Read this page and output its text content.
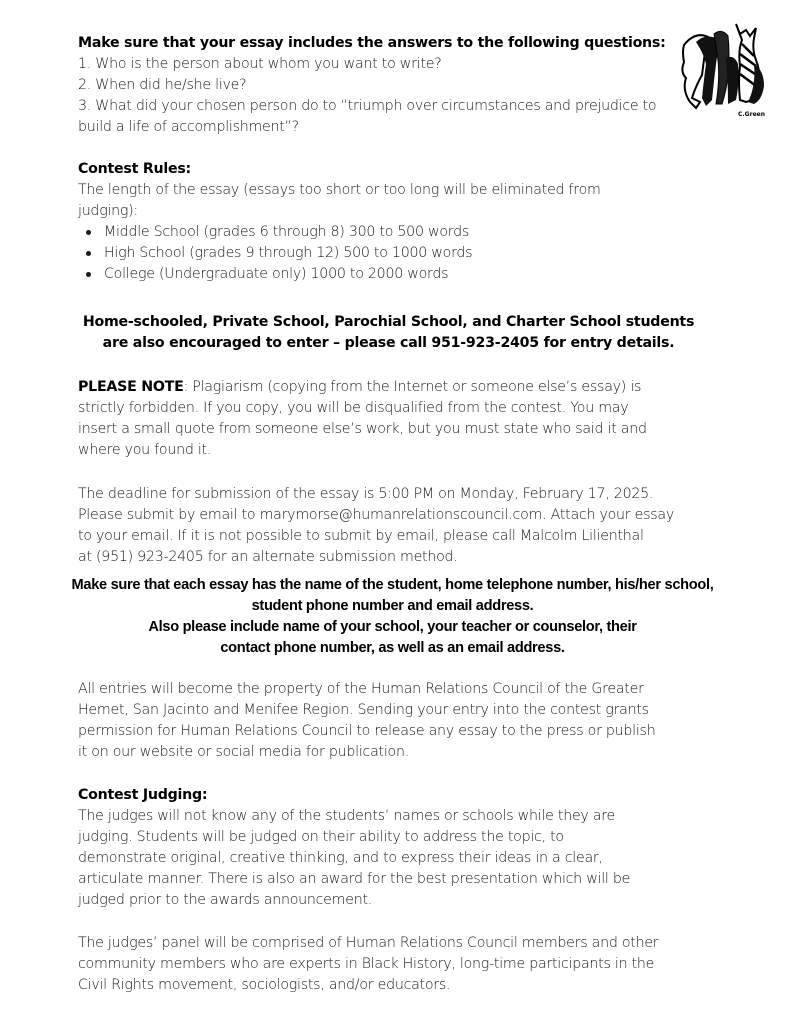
Make sure that your essay includes the answers to the following questions:
1. Who is the person about whom you want to write?
2. When did he/she live?
3. What did your chosen person do to “triumph over circumstances and prejudice to
build a life of accomplishment”?
C.Green
Contest Rules:
The length of the essay (essays too short or too long will be eliminated from
judging):
Middle School (grades 6 through 8) 300 to 500 words
High School (grades 9 through 12) 500 to 1000 words
College (Undergraduate only) 1000 to 2000 words
Home-schooled, Private School, Parochial School, and Charter School students
are also encouraged to enter – please call 951-923-2405 for entry details.
PLEASE NOTE: Plagiarism (copying from the Internet or someone else’s essay) is
strictly forbidden. If you copy, you will be disqualified from the contest. You may
insert a small quote from someone else’s work, but you must state who said it and
where you found it.
The deadline for submission of the essay is 5:00 PM on Monday, February 17, 2025.
Please submit by email to marymorse@humanrelationscouncil.com. Attach your essay
to your email. If it is not possible to submit by email, please call Malcolm Lilienthal
at (951) 923-2405 for an alternate submission method.
Make sure that each essay has the name of the student, home telephone number, his/her school,
student phone number and email address.
Also please include name of your school, your teacher or counselor, their
contact phone number, as well as an email address.
All entries will become the property of the Human Relations Council of the Greater
Hemet, San Jacinto and Menifee Region. Sending your entry into the contest grants
permission for Human Relations Council to release any essay to the press or publish
it on our website or social media for publication.
Contest Judging:
The judges will not know any of the students’ names or schools while they are
judging. Students will be judged on their ability to address the topic, to
demonstrate original, creative thinking, and to express their ideas in a clear,
articulate manner. There is also an award for the best presentation which will be
judged prior to the awards announcement.
The judges’ panel will be comprised of Human Relations Council members and other
community members who are experts in Black History, long-time participants in the
Civil Rights movement, sociologists, and/or educators.
